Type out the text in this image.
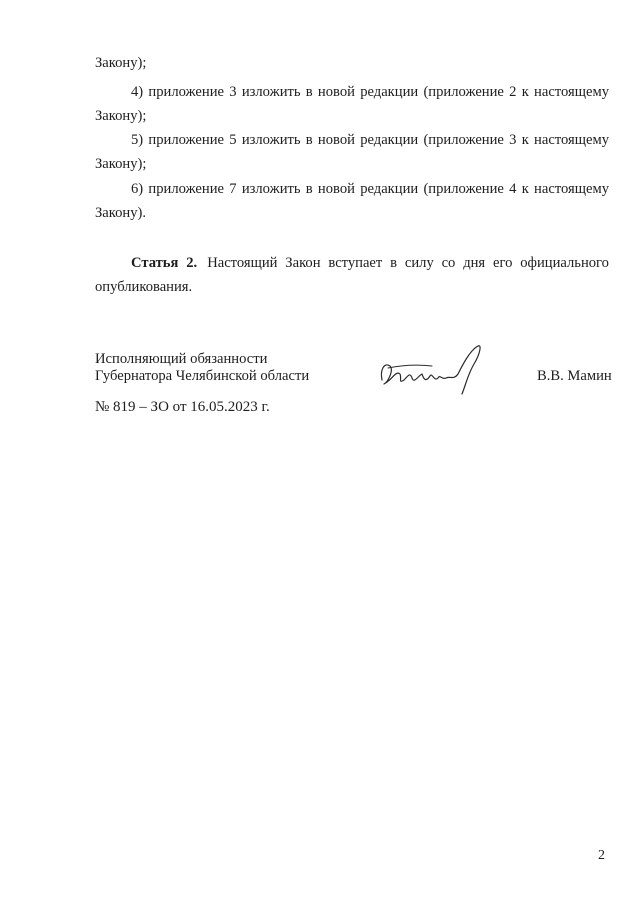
Закону);
4) приложение 3 изложить в новой редакции (приложение 2 к настоящему
Закону);
5) приложение 5 изложить в новой редакции (приложение 3 к настоящему
Закону);
6) приложение 7 изложить в новой редакции (приложение 4 к настоящему
Закону).
Статья 2. Настоящий Закон вступает в силу со дня его официального
опубликования.
Исполняющий обязанности
Губернатора Челябинской области	В.В. Мамин
№ 819 – ЗО от 16.05.2023 г.
2
